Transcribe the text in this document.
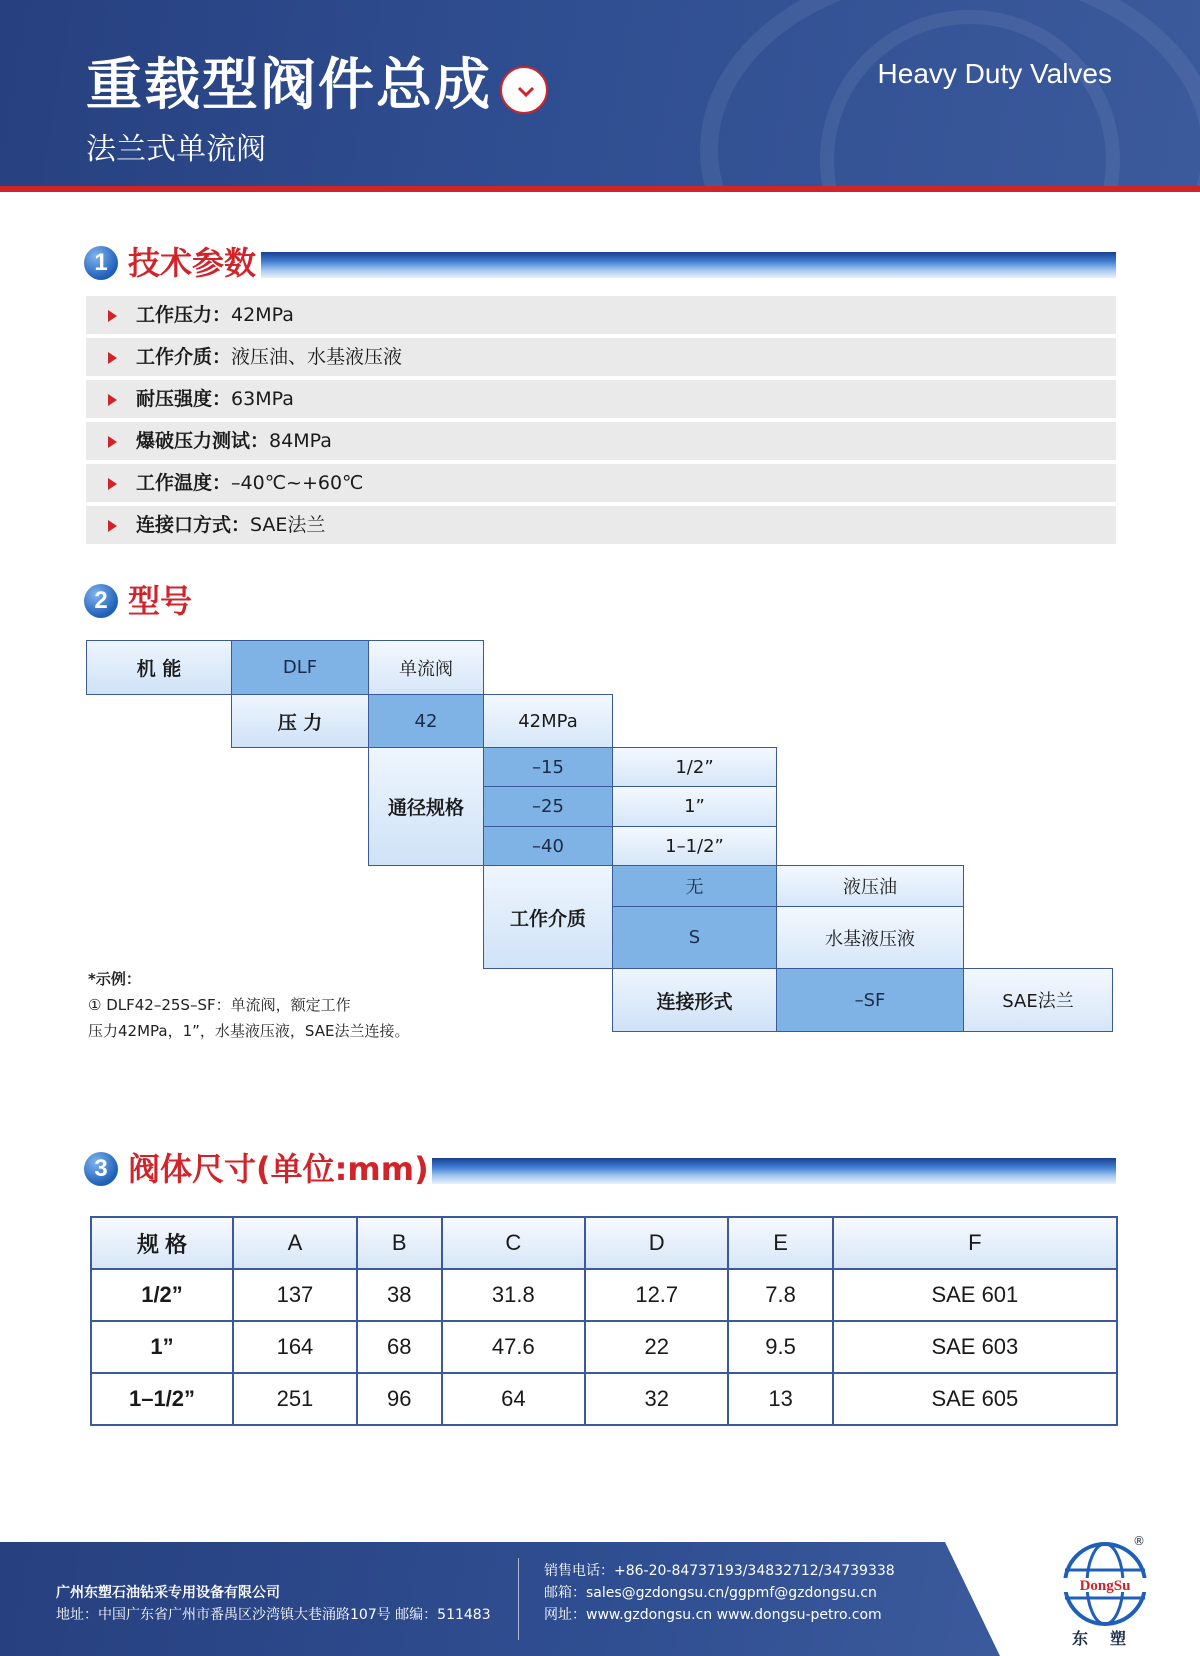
重载型阀件总成
法兰式单流阀
Heavy Duty Valves
1 技术参数
工作压力：42MPa
工作介质：液压油、水基液压液
耐压强度：63MPa
爆破压力测试：84MPa
工作温度：–40℃~+60℃
连接口方式：SAE法兰
2 型号
机 能	DLF	单流阀
压 力	42	42MPa
通径规格
–15	1/2”
–25	1”
–40	1–1/2”
工作介质
无	液压油
S	水基液压液
连接形式	–SF	SAE法兰
*示例：
① DLF42–25S–SF：单流阀，额定工作
压力42MPa，1”，水基液压液，SAE法兰连接。
3 阀体尺寸(单位:mm)
规 格	A	B	C	D	E	F
1/2”	137	38	31.8	12.7	7.8	SAE 601
1”	164	68	47.6	22	9.5	SAE 603
1–1/2”	251	96	64	32	13	SAE 605
广州东塑石油钻采专用设备有限公司
地址：中国广东省广州市番禺区沙湾镇大巷涌路107号 邮编：511483
销售电话：+86-20-84737193/34832712/34739338
邮箱：sales@gzdongsu.cn/ggpmf@gzdongsu.cn
网址：www.gzdongsu.cn www.dongsu-petro.com
®
DongSu
东塑
